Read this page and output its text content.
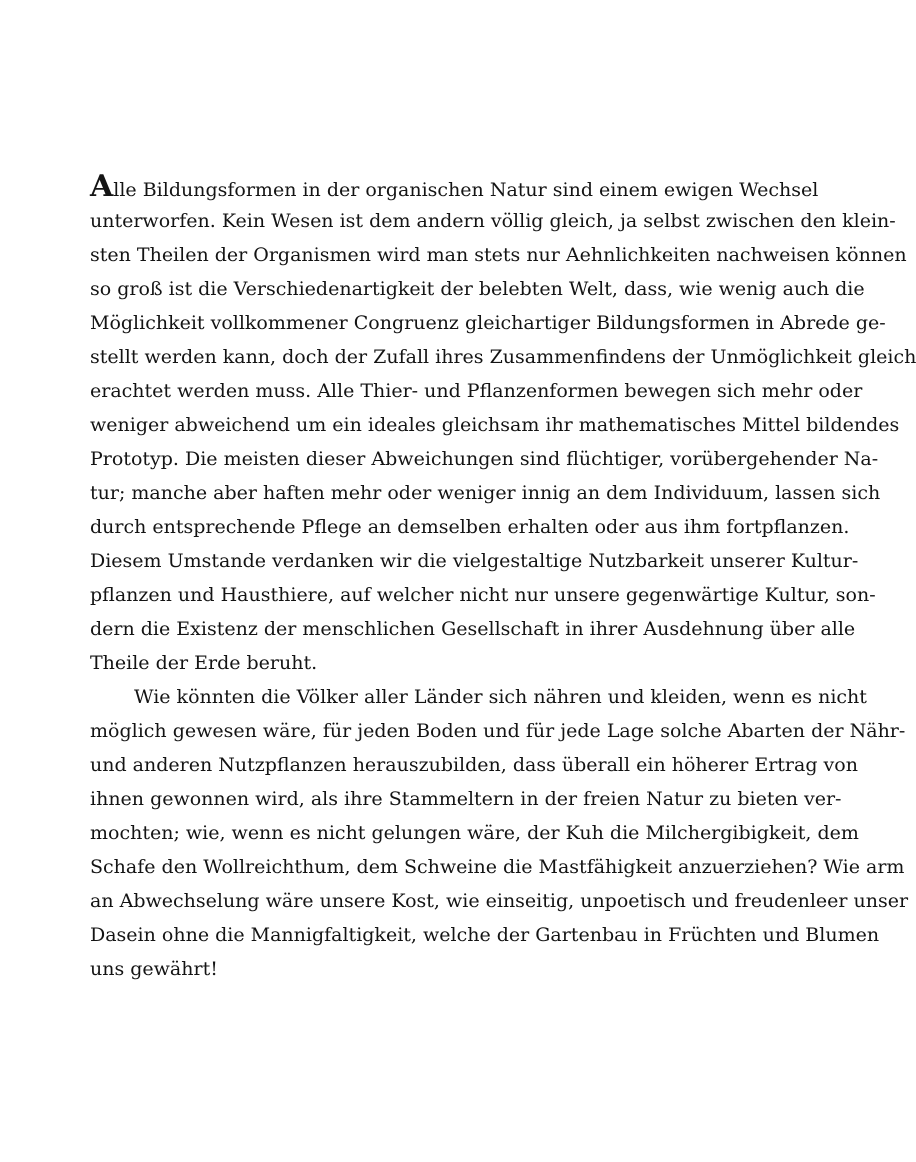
Alle Bildungsformen in der organischen Natur sind einem ewigen Wechsel
unterworfen. Kein Wesen ist dem andern völlig gleich, ja selbst zwischen den klein-
sten Theilen der Organismen wird man stets nur Aehnlichkeiten nachweisen können
so groß ist die Verschiedenartigkeit der belebten Welt, dass, wie wenig auch die
Möglichkeit vollkommener Congruenz gleichartiger Bildungsformen in Abrede ge-
stellt werden kann, doch der Zufall ihres Zusammenfindens der Unmöglichkeit gleich
erachtet werden muss. Alle Thier- und Pflanzenformen bewegen sich mehr oder
weniger abweichend um ein ideales gleichsam ihr mathematisches Mittel bildendes
Prototyp. Die meisten dieser Abweichungen sind flüchtiger, vorübergehender Na-
tur; manche aber haften mehr oder weniger innig an dem Individuum, lassen sich
durch entsprechende Pflege an demselben erhalten oder aus ihm fortpflanzen.
Diesem Umstande verdanken wir die vielgestaltige Nutzbarkeit unserer Kultur-
pflanzen und Hausthiere, auf welcher nicht nur unsere gegenwärtige Kultur, son-
dern die Existenz der menschlichen Gesellschaft in ihrer Ausdehnung über alle
Theile der Erde beruht.
Wie könnten die Völker aller Länder sich nähren und kleiden, wenn es nicht
möglich gewesen wäre, für jeden Boden und für jede Lage solche Abarten der Nähr-
und anderen Nutzpflanzen herauszubilden, dass überall ein höherer Ertrag von
ihnen gewonnen wird, als ihre Stammeltern in der freien Natur zu bieten ver-
mochten; wie, wenn es nicht gelungen wäre, der Kuh die Milchergibigkeit, dem
Schafe den Wollreichthum, dem Schweine die Mastfähigkeit anzuerziehen? Wie arm
an Abwechselung wäre unsere Kost, wie einseitig, unpoetisch und freudenleer unser
Dasein ohne die Mannigfaltigkeit, welche der Gartenbau in Früchten und Blumen
uns gewährt!
